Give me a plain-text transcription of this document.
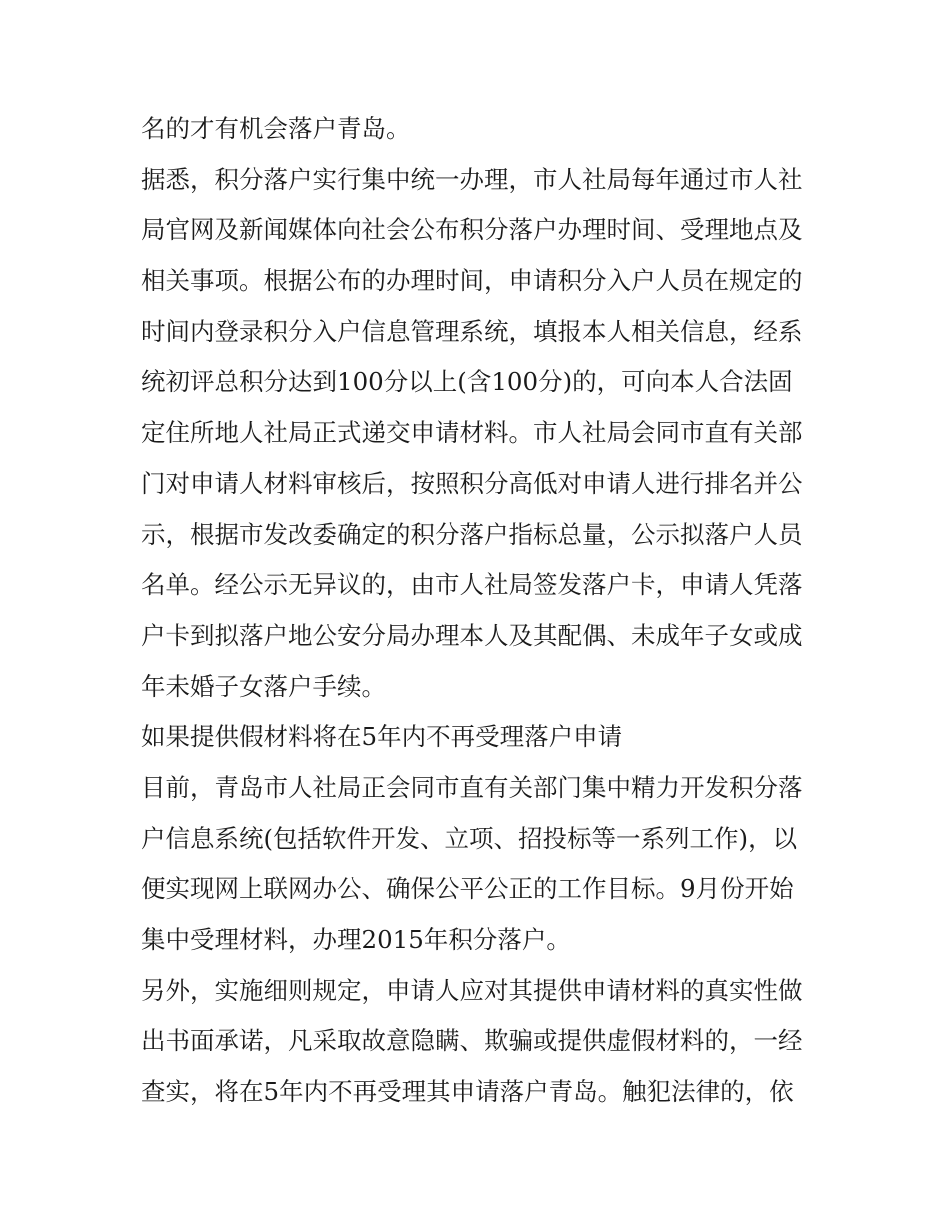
名的才有机会落户青岛。
据悉，积分落户实行集中统一办理，市人社局每年通过市人社
局官网及新闻媒体向社会公布积分落户办理时间、受理地点及
相关事项。根据公布的办理时间，申请积分入户人员在规定的
时间内登录积分入户信息管理系统，填报本人相关信息，经系
统初评总积分达到100分以上(含100分)的，可向本人合法固
定住所地人社局正式递交申请材料。市人社局会同市直有关部
门对申请人材料审核后，按照积分高低对申请人进行排名并公
示，根据市发改委确定的积分落户指标总量，公示拟落户人员
名单。经公示无异议的，由市人社局签发落户卡，申请人凭落
户卡到拟落户地公安分局办理本人及其配偶、未成年子女或成
年未婚子女落户手续。
如果提供假材料将在5年内不再受理落户申请
目前，青岛市人社局正会同市直有关部门集中精力开发积分落
户信息系统(包括软件开发、立项、招投标等一系列工作)，以
便实现网上联网办公、确保公平公正的工作目标。9月份开始
集中受理材料，办理2015年积分落户。
另外，实施细则规定，申请人应对其提供申请材料的真实性做
出书面承诺，凡采取故意隐瞒、欺骗或提供虚假材料的，一经
查实，将在5年内不再受理其申请落户青岛。触犯法律的，依
